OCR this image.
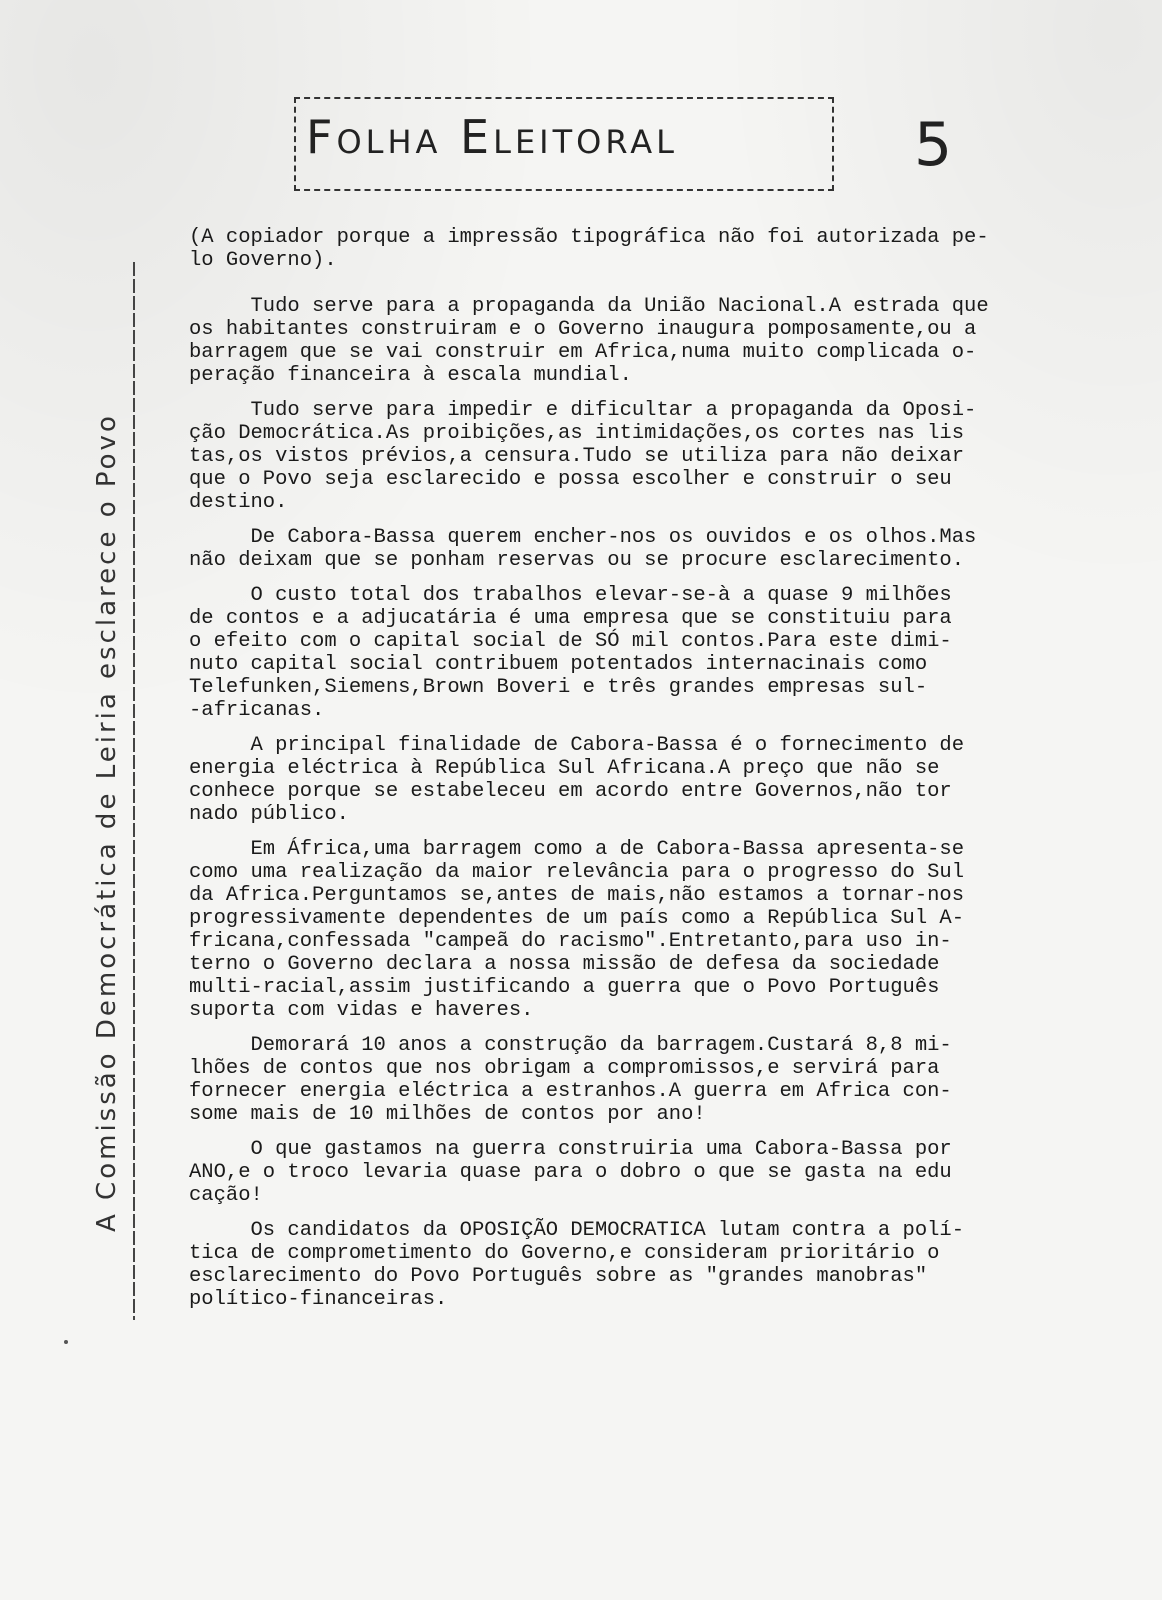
Folha Eleitoral	5
A Comissão Democrática de Leiria esclarece o Povo

(A copiador porque a impressão tipográfica não foi autorizada pe-

lo Governo).

Tudo serve para a propaganda da União Nacional.A estrada que

os habitantes construiram e o Governo inaugura pomposamente,ou a

barragem que se vai construir em Africa,numa muito complicada o-

peração financeira à escala mundial.

Tudo serve para impedir e dificultar a propaganda da Oposi-

ção Democrática.As proibições,as intimidações,os cortes nas lis

tas,os vistos prévios,a censura.Tudo se utiliza para não deixar

que o Povo seja esclarecido e possa escolher e construir o seu

destino.

De Cabora-Bassa querem encher-nos os ouvidos e os olhos.Mas

não deixam que se ponham reservas ou se procure esclarecimento.

O custo total dos trabalhos elevar-se-à a quase 9 milhões

de contos e a adjucatária é uma empresa que se constituiu para

o efeito com o capital social de SÓ mil contos.Para este dimi-

nuto capital social contribuem potentados internacinais como

Telefunken,Siemens,Brown Boveri e três grandes empresas sul-

-africanas.

A principal finalidade de Cabora-Bassa é o fornecimento de

energia eléctrica à República Sul Africana.A preço que não se

conhece porque se estabeleceu em acordo entre Governos,não tor

nado público.

Em África,uma barragem como a de Cabora-Bassa apresenta-se

como uma realização da maior relevância para o progresso do Sul

da Africa.Perguntamos se,antes de mais,não estamos a tornar-nos

progressivamente dependentes de um país como a República Sul A-

fricana,confessada "campeã do racismo".Entretanto,para uso in-

terno o Governo declara a nossa missão de defesa da sociedade

multi-racial,assim justificando a guerra que o Povo Português

suporta com vidas e haveres.

Demorará 10 anos a construção da barragem.Custará 8,8 mi-

lhões de contos que nos obrigam a compromissos,e servirá para

fornecer energia eléctrica a estranhos.A guerra em Africa con-

some mais de 10 milhões de contos por ano!

O que gastamos na guerra construiria uma Cabora-Bassa por

ANO,e o troco levaria quase para o dobro o que se gasta na edu

cação!

Os candidatos da OPOSIÇÃO DEMOCRATICA lutam contra a polí-

tica de comprometimento do Governo,e consideram prioritário o

esclarecimento do Povo Português sobre as "grandes manobras"

político-financeiras.
